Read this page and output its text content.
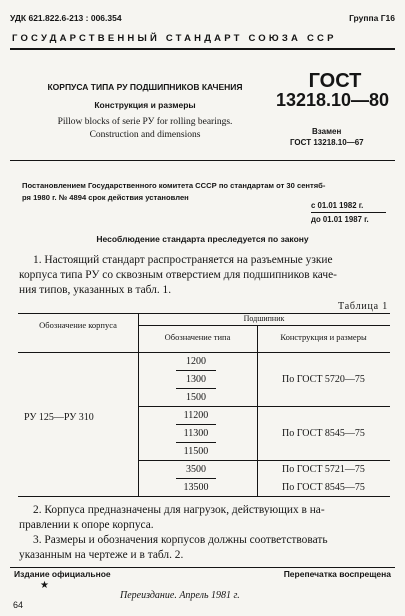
УДК 621.822.6-213 : 006.354	Группа Г16
ГОСУДАРСТВЕННЫЙ СТАНДАРТ СОЮЗА ССР
КОРПУСА ТИПА РУ ПОДШИПНИКОВ КАЧЕНИЯ
Конструкция и размеры
Pillow blocks of serie РУ for rolling bearings.
Construction and dimensions
ГОСТ
13218.10—80
Взамен
ГОСТ 13218.10—67
Постановлением Государственного комитета СССР по стандартам от 30 сентяб-
ря 1980 г. № 4894 срок действия установлен
с 01.01 1982 г.
до 01.01 1987 г.
Несоблюдение стандарта преследуется по закону
1. Настоящий стандарт распространяется на разъемные узкие
корпуса типа РУ со сквозным отверстием для подшипников каче-
ния типов, указанных в табл. 1.
Таблица 1
Обозначение корпуса
Подшипник
Обозначение типа	Конструкция и размеры
РУ 125—РУ 310
1200
1300
1500
11200
11300
11500
3500
13500
По ГОСТ 5720—75
По ГОСТ 8545—75
По ГОСТ 5721—75
По ГОСТ 8545—75
2. Корпуса предназначены для нагрузок, действующих в на-
правлении к опоре корпуса.
3. Размеры и обозначения корпусов должны соответствовать
указанным на чертеже и в табл. 2.
Издание официальное
★
Перепечатка воспрещена
Переиздание. Апрель 1981 г.
64
